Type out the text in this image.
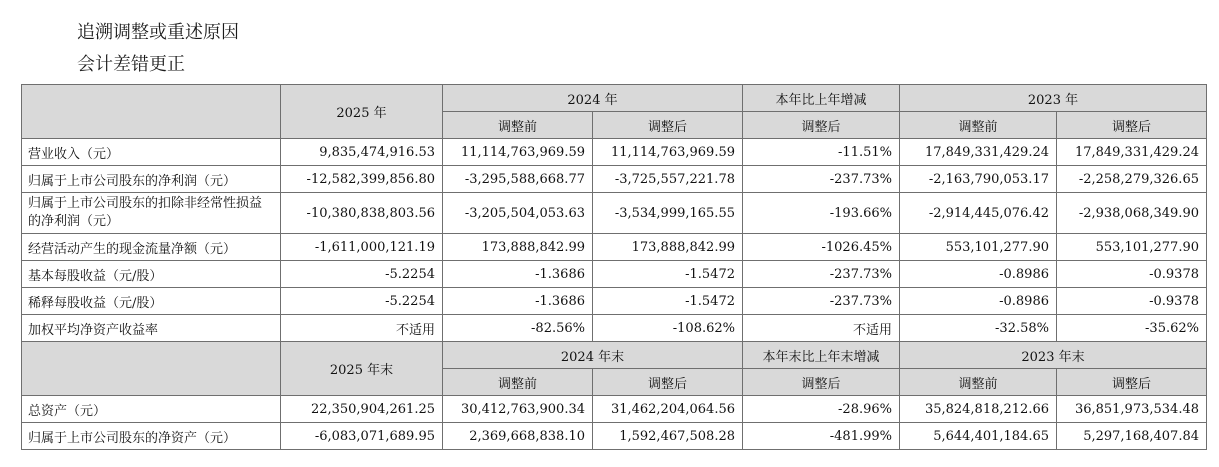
追溯调整或重述原因
会计差错更正
	2025 年	2024 年		本年比上年增减	2023 年	
		调整前	调整后	调整后	调整前	调整后
营业收入（元）	9,835,474,916.53	11,114,763,969.59	11,114,763,969.59	-11.51%	17,849,331,429.24	17,849,331,429.24
归属于上市公司股东的净利润（元）	-12,582,399,856.80	-3,295,588,668.77	-3,725,557,221.78	-237.73%	-2,163,790,053.17	-2,258,279,326.65
归属于上市公司股东的扣除非经常性损益的净利润（元）	-10,380,838,803.56	-3,205,504,053.63	-3,534,999,165.55	-193.66%	-2,914,445,076.42	-2,938,068,349.90
经营活动产生的现金流量净额（元）	-1,611,000,121.19	173,888,842.99	173,888,842.99	-1026.45%	553,101,277.90	553,101,277.90
基本每股收益（元/股）	-5.2254	-1.3686	-1.5472	-237.73%	-0.8986	-0.9378
稀释每股收益（元/股）	-5.2254	-1.3686	-1.5472	-237.73%	-0.8986	-0.9378
加权平均净资产收益率	不适用	-82.56%	-108.62%	不适用	-32.58%	-35.62%
	2025 年末	2024 年末		本年末比上年末增减	2023 年末	
		调整前	调整后	调整后	调整前	调整后
总资产（元）	22,350,904,261.25	30,412,763,900.34	31,462,204,064.56	-28.96%	35,824,818,212.66	36,851,973,534.48
归属于上市公司股东的净资产（元）	-6,083,071,689.95	2,369,668,838.10	1,592,467,508.28	-481.99%	5,644,401,184.65	5,297,168,407.84
